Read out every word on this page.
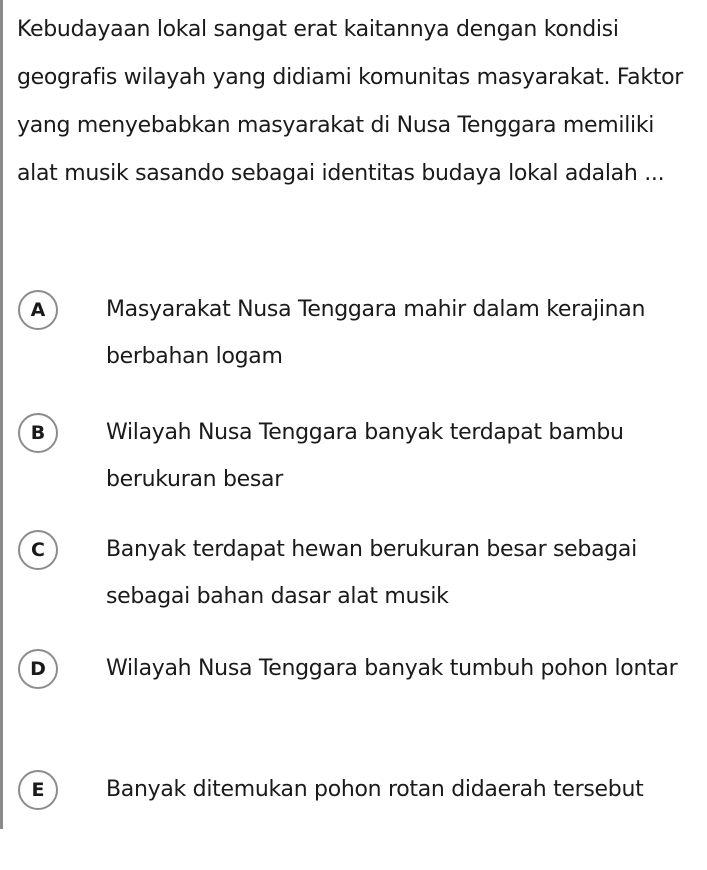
Kebudayaan lokal sangat erat kaitannya dengan kondisi geografis wilayah yang didiami komunitas masyarakat. Faktor yang menyebabkan masyarakat di Nusa Tenggara memiliki alat musik sasando sebagai identitas budaya lokal adalah ...

A	Masyarakat Nusa Tenggara mahir dalam kerajinan berbahan logam

B	Wilayah Nusa Tenggara banyak terdapat bambu berukuran besar

C	Banyak terdapat hewan berukuran besar sebagai sebagai bahan dasar alat musik

D	Wilayah Nusa Tenggara banyak tumbuh pohon lontar

E	Banyak ditemukan pohon rotan didaerah tersebut
